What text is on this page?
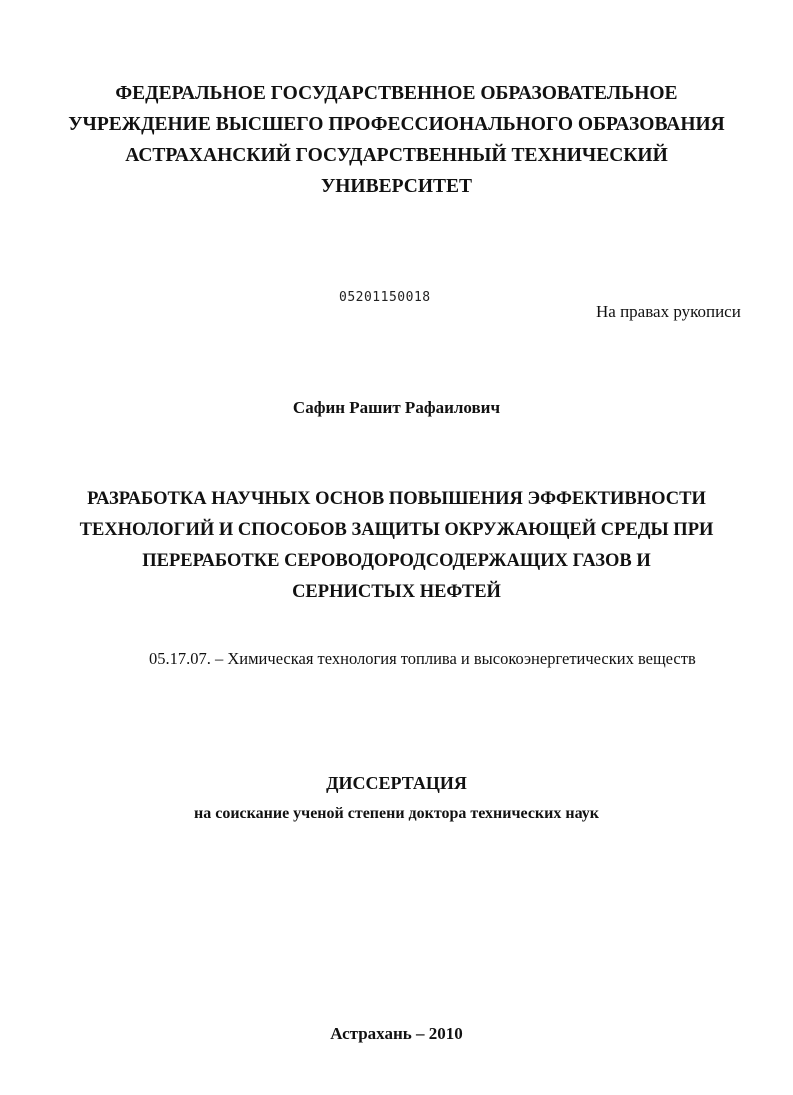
ФЕДЕРАЛЬНОЕ ГОСУДАРСТВЕННОЕ ОБРАЗОВАТЕЛЬНОЕ
УЧРЕЖДЕНИЕ ВЫСШЕГО ПРОФЕССИОНАЛЬНОГО ОБРАЗОВАНИЯ
АСТРАХАНСКИЙ ГОСУДАРСТВЕННЫЙ ТЕХНИЧЕСКИЙ
УНИВЕРСИТЕТ
05201150018
На правах рукописи
Сафин Рашит Рафаилович
РАЗРАБОТКА НАУЧНЫХ ОСНОВ ПОВЫШЕНИЯ ЭФФЕКТИВНОСТИ
ТЕХНОЛОГИЙ И СПОСОБОВ ЗАЩИТЫ ОКРУЖАЮЩЕЙ СРЕДЫ ПРИ
ПЕРЕРАБОТКЕ СЕРОВОДОРОДСОДЕРЖАЩИХ ГАЗОВ И
СЕРНИСТЫХ НЕФТЕЙ
05.17.07. – Химическая технология топлива и высокоэнергетических веществ
ДИССЕРТАЦИЯ
на соискание ученой степени доктора технических наук
Астрахань – 2010
